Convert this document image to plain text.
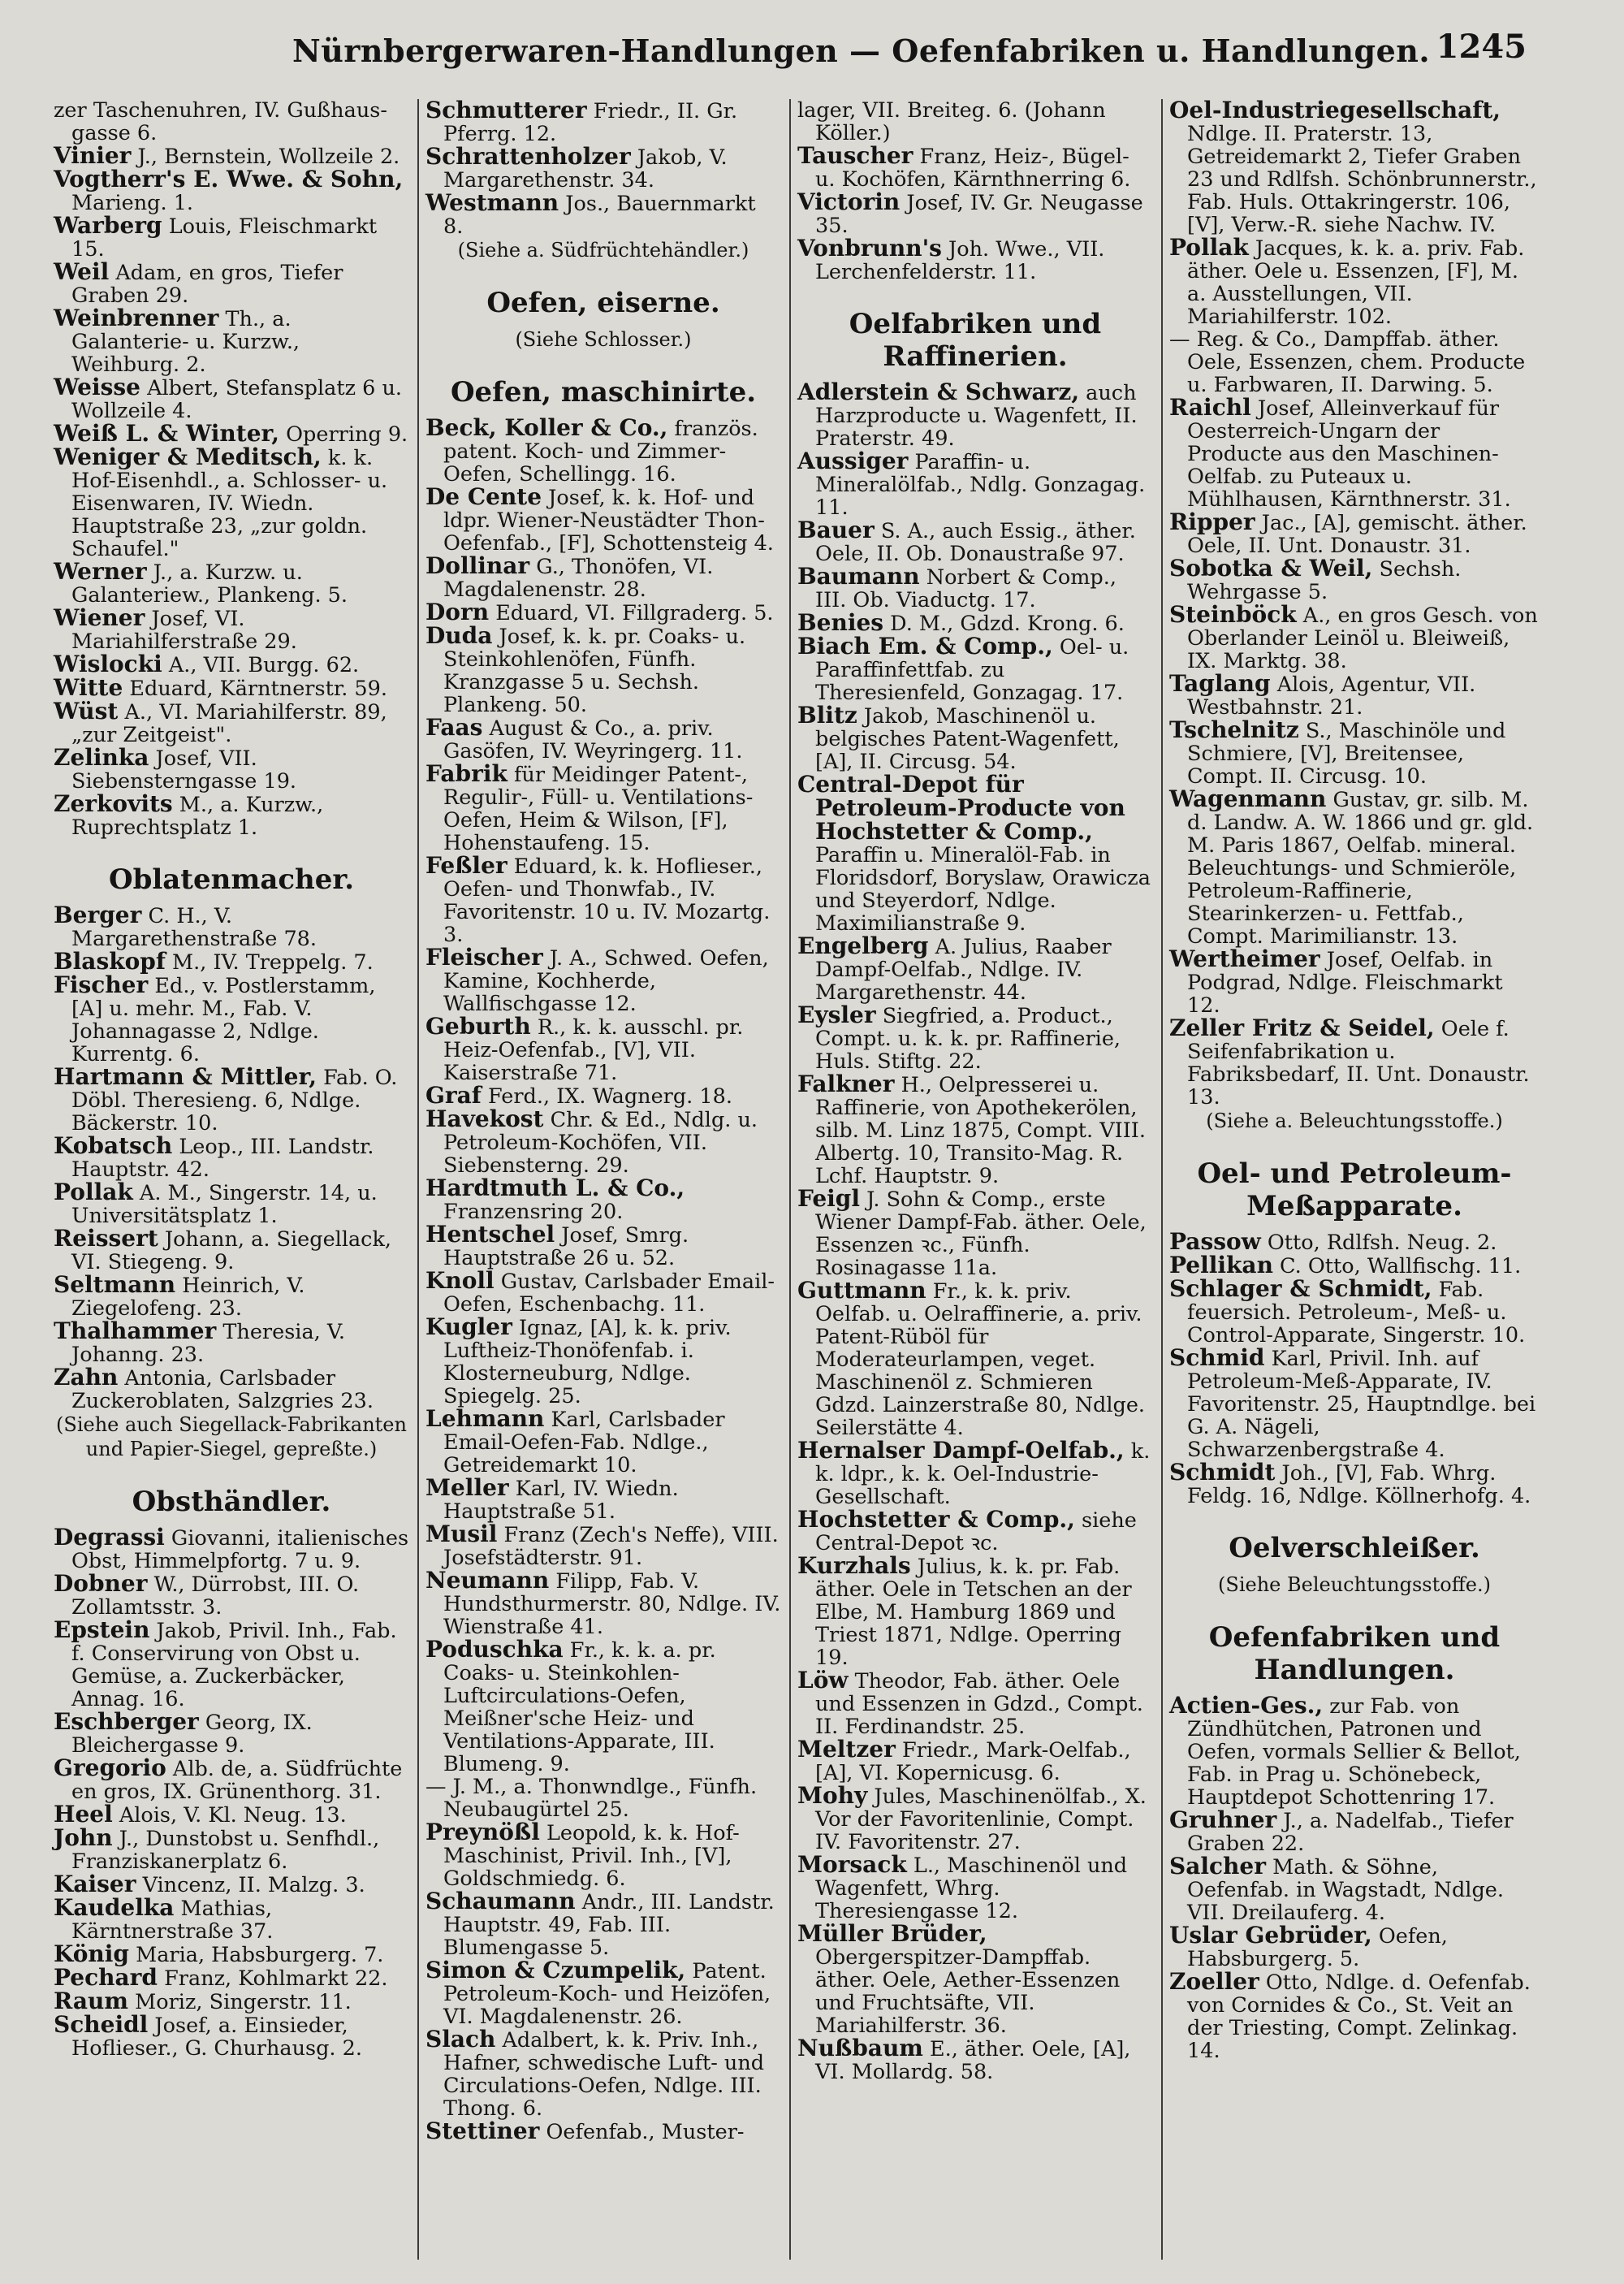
Nürnbergerwaren-Handlungen — Oefenfabriken u. Handlungen. 1245
zer Taschenuhren, IV. Gußhaus-gasse 6.
Vinier J., Bernstein, Wollzeile 2.
Vogtherr's E. Wwe. & Sohn, Marieng. 1.
Warberg Louis, Fleischmarkt 15.
Weil Adam, en gros, Tiefer Graben 29.
Weinbrenner Th., a. Galanterie- u. Kurzw., Weihburg. 2.
Weisse Albert, Stefansplatz 6 u. Wollzeile 4.
Weiß L. & Winter, Operring 9.
Weniger & Meditsch, k. k. Hof-Eisenhdl., a. Schlosser- u. Eisenwaren, IV. Wiedn. Hauptstraße 23, „zur goldn. Schaufel."
Werner J., a. Kurzw. u. Galanteriew., Plankeng. 5.
Wiener Josef, VI. Mariahilferstraße 29.
Wislocki A., VII. Burgg. 62.
Witte Eduard, Kärntnerstr. 59.
Wüst A., VI. Mariahilferstr. 89, „zur Zeitgeist".
Zelinka Josef, VII. Siebensterngasse 19.
Zerkovits M., a. Kurzw., Ruprechtsplatz 1.
Oblatenmacher.
Berger C. H., V. Margarethenstraße 78.
Blaskopf M., IV. Treppelg. 7.
Fischer Ed., v. Postlerstamm, [A] u. mehr. M., Fab. V. Johannagasse 2, Ndlge. Kurrentg. 6.
Hartmann & Mittler, Fab. O. Döbl. Theresieng. 6, Ndlge. Bäckerstr. 10.
Kobatsch Leop., III. Landstr. Hauptstr. 42.
Pollak A. M., Singerstr. 14, u. Universitätsplatz 1.
Reissert Johann, a. Siegellack, VI. Stiegeng. 9.
Seltmann Heinrich, V. Ziegelofeng. 23.
Thalhammer Theresia, V. Johanng. 23.
Zahn Antonia, Carlsbader Zuckeroblaten, Salzgries 23.
(Siehe auch Siegellack-Fabrikanten und Papier-Siegel, gepreßte.)
Obsthändler.
Degrassi Giovanni, italienisches Obst, Himmelpfortg. 7 u. 9.
Dobner W., Dürrobst, III. O. Zollamtsstr. 3.
Epstein Jakob, Privil. Inh., Fab. f. Conservirung von Obst u. Gemüse, a. Zuckerbäcker, Annag. 16.
Eschberger Georg, IX. Bleichergasse 9.
Gregorio Alb. de, a. Südfrüchte en gros, IX. Grünenthorg. 31.
Heel Alois, V. Kl. Neug. 13.
John J., Dunstobst u. Senfhdl., Franziskanerplatz 6.
Kaiser Vincenz, II. Malzg. 3.
Kaudelka Mathias, Kärntnerstraße 37.
König Maria, Habsburgerg. 7.
Pechard Franz, Kohlmarkt 22.
Raum Moriz, Singerstr. 11.
Scheidl Josef, a. Einsieder, Hoflieser., G. Churhausg. 2.
Schmutterer Friedr., II. Gr. Pferrg. 12.
Schrattenholzer Jakob, V. Margarethenstr. 34.
Westmann Jos., Bauernmarkt 8.
(Siehe a. Südfrüchtehändler.)
Oefen, eiserne.
(Siehe Schlosser.)
Oefen, maschinirte.
Beck, Koller & Co., französ. patent. Koch- und Zimmer-Oefen, Schellingg. 16.
De Cente Josef, k. k. Hof- und ldpr. Wiener-Neustädter Thon-Oefenfab., [F], Schottensteig 4.
Dollinar G., Thonöfen, VI. Magdalenenstr. 28.
Dorn Eduard, VI. Fillgraderg. 5.
Duda Josef, k. k. pr. Coaks- u. Steinkohlenöfen, Fünfh. Kranzgasse 5 u. Sechsh. Plankeng. 50.
Faas August & Co., a. priv. Gasöfen, IV. Weyringerg. 11.
Fabrik für Meidinger Patent-, Regulir-, Füll- u. Ventilations-Oefen, Heim & Wilson, [F], Hohenstaufeng. 15.
Feßler Eduard, k. k. Hoflieser., Oefen- und Thonwfab., IV. Favoritenstr. 10 u. IV. Mozartg. 3.
Fleischer J. A., Schwed. Oefen, Kamine, Kochherde, Wallfischgasse 12.
Geburth R., k. k. ausschl. pr. Heiz-Oefenfab., [V], VII. Kaiserstraße 71.
Graf Ferd., IX. Wagnerg. 18.
Havekost Chr. & Ed., Ndlg. u. Petroleum-Kochöfen, VII. Siebensterng. 29.
Hardtmuth L. & Co., Franzensring 20.
Hentschel Josef, Smrg. Hauptstraße 26 u. 52.
Knoll Gustav, Carlsbader Email-Oefen, Eschenbachg. 11.
Kugler Ignaz, [A], k. k. priv. Luftheiz-Thonöfenfab. i. Klosterneuburg, Ndlge. Spiegelg. 25.
Lehmann Karl, Carlsbader Email-Oefen-Fab. Ndlge., Getreidemarkt 10.
Meller Karl, IV. Wiedn. Hauptstraße 51.
Musil Franz (Zech's Neffe), VIII. Josefstädterstr. 91.
Neumann Filipp, Fab. V. Hundsthurmerstr. 80, Ndlge. IV. Wienstraße 41.
Poduschka Fr., k. k. a. pr. Coaks- u. Steinkohlen-Luftcirculations-Oefen, Meißner'sche Heiz- und Ventilations-Apparate, III. Blumeng. 9.
— J. M., a. Thonwndlge., Fünfh. Neubaugürtel 25.
Preynößl Leopold, k. k. Hof-Maschinist, Privil. Inh., [V], Goldschmiedg. 6.
Schaumann Andr., III. Landstr. Hauptstr. 49, Fab. III. Blumengasse 5.
Simon & Czumpelik, Patent. Petroleum-Koch- und Heizöfen, VI. Magdalenenstr. 26.
Slach Adalbert, k. k. Priv. Inh., Hafner, schwedische Luft- und Circulations-Oefen, Ndlge. III. Thong. 6.
Stettiner Oefenfab., Muster-
lager, VII. Breiteg. 6. (Johann Köller.)
Tauscher Franz, Heiz-, Bügel- u. Kochöfen, Kärnthnerring 6.
Victorin Josef, IV. Gr. Neugasse 35.
Vonbrunn's Joh. Wwe., VII. Lerchenfelderstr. 11.
Oelfabriken und Raffinerien.
Adlerstein & Schwarz, auch Harzproducte u. Wagenfett, II. Praterstr. 49.
Aussiger Paraffin- u. Mineralölfab., Ndlg. Gonzagag. 11.
Bauer S. A., auch Essig., äther. Oele, II. Ob. Donaustraße 97.
Baumann Norbert & Comp., III. Ob. Viaductg. 17.
Benies D. M., Gdzd. Krong. 6.
Biach Em. & Comp., Oel- u. Paraffinfettfab. zu Theresienfeld, Gonzagag. 17.
Blitz Jakob, Maschinenöl u. belgisches Patent-Wagenfett, [A], II. Circusg. 54.
Central-Depot für Petroleum-Producte von Hochstetter & Comp., Paraffin u. Mineralöl-Fab. in Floridsdorf, Boryslaw, Orawicza und Steyerdorf, Ndlge. Maximilianstraße 9.
Engelberg A. Julius, Raaber Dampf-Oelfab., Ndlge. IV. Margarethenstr. 44.
Eysler Siegfried, a. Product., Compt. u. k. k. pr. Raffinerie, Huls. Stiftg. 22.
Falkner H., Oelpresserei u. Raffinerie, von Apothekerölen, silb. M. Linz 1875, Compt. VIII. Albertg. 10, Transito-Mag. R. Lchf. Hauptstr. 9.
Feigl J. Sohn & Comp., erste Wiener Dampf-Fab. äther. Oele, Essenzen ꝛc., Fünfh. Rosinagasse 11a.
Guttmann Fr., k. k. priv. Oelfab. u. Oelraffinerie, a. priv. Patent-Rüböl für Moderateurlampen, veget. Maschinenöl z. Schmieren Gdzd. Lainzerstraße 80, Ndlge. Seilerstätte 4.
Hernalser Dampf-Oelfab., k. k. ldpr., k. k. Oel-Industrie-Gesellschaft.
Hochstetter & Comp., siehe Central-Depot ꝛc.
Kurzhals Julius, k. k. pr. Fab. äther. Oele in Tetschen an der Elbe, M. Hamburg 1869 und Triest 1871, Ndlge. Operring 19.
Löw Theodor, Fab. äther. Oele und Essenzen in Gdzd., Compt. II. Ferdinandstr. 25.
Meltzer Friedr., Mark-Oelfab., [A], VI. Kopernicusg. 6.
Mohy Jules, Maschinenölfab., X. Vor der Favoritenlinie, Compt. IV. Favoritenstr. 27.
Morsack L., Maschinenöl und Wagenfett, Whrg. Theresiengasse 12.
Müller Brüder, Obergerspitzer-Dampffab. äther. Oele, Aether-Essenzen und Fruchtsäfte, VII. Mariahilferstr. 36.
Nußbaum E., äther. Oele, [A], VI. Mollardg. 58.
Oel-Industriegesellschaft, Ndlge. II. Praterstr. 13, Getreidemarkt 2, Tiefer Graben 23 und Rdlfsh. Schönbrunnerstr., Fab. Huls. Ottakringerstr. 106, [V], Verw.-R. siehe Nachw. IV.
Pollak Jacques, k. k. a. priv. Fab. äther. Oele u. Essenzen, [F], M. a. Ausstellungen, VII. Mariahilferstr. 102.
— Reg. & Co., Dampffab. äther. Oele, Essenzen, chem. Producte u. Farbwaren, II. Darwing. 5.
Raichl Josef, Alleinverkauf für Oesterreich-Ungarn der Producte aus den Maschinen-Oelfab. zu Puteaux u. Mühlhausen, Kärnthnerstr. 31.
Ripper Jac., [A], gemischt. äther. Oele, II. Unt. Donaustr. 31.
Sobotka & Weil, Sechsh. Wehrgasse 5.
Steinböck A., en gros Gesch. von Oberlander Leinöl u. Bleiweiß, IX. Marktg. 38.
Taglang Alois, Agentur, VII. Westbahnstr. 21.
Tschelnitz S., Maschinöle und Schmiere, [V], Breitensee, Compt. II. Circusg. 10.
Wagenmann Gustav, gr. silb. M. d. Landw. A. W. 1866 und gr. gld. M. Paris 1867, Oelfab. mineral. Beleuchtungs- und Schmieröle, Petroleum-Raffinerie, Stearinkerzen- u. Fettfab., Compt. Marimilianstr. 13.
Wertheimer Josef, Oelfab. in Podgrad, Ndlge. Fleischmarkt 12.
Zeller Fritz & Seidel, Oele f. Seifenfabrikation u. Fabriksbedarf, II. Unt. Donaustr. 13.
(Siehe a. Beleuchtungsstoffe.)
Oel- und Petroleum-Meßapparate.
Passow Otto, Rdlfsh. Neug. 2.
Pellikan C. Otto, Wallfischg. 11.
Schlager & Schmidt, Fab. feuersich. Petroleum-, Meß- u. Control-Apparate, Singerstr. 10.
Schmid Karl, Privil. Inh. auf Petroleum-Meß-Apparate, IV. Favoritenstr. 25, Hauptndlge. bei G. A. Nägeli, Schwarzenbergstraße 4.
Schmidt Joh., [V], Fab. Whrg. Feldg. 16, Ndlge. Köllnerhofg. 4.
Oelverschleißer.
(Siehe Beleuchtungsstoffe.)
Oefenfabriken und Handlungen.
Actien-Ges., zur Fab. von Zündhütchen, Patronen und Oefen, vormals Sellier & Bellot, Fab. in Prag u. Schönebeck, Hauptdepot Schottenring 17.
Gruhner J., a. Nadelfab., Tiefer Graben 22.
Salcher Math. & Söhne, Oefenfab. in Wagstadt, Ndlge. VII. Dreilauferg. 4.
Uslar Gebrüder, Oefen, Habsburgerg. 5.
Zoeller Otto, Ndlge. d. Oefenfab. von Cornides & Co., St. Veit an der Triesting, Compt. Zelinkag. 14.
